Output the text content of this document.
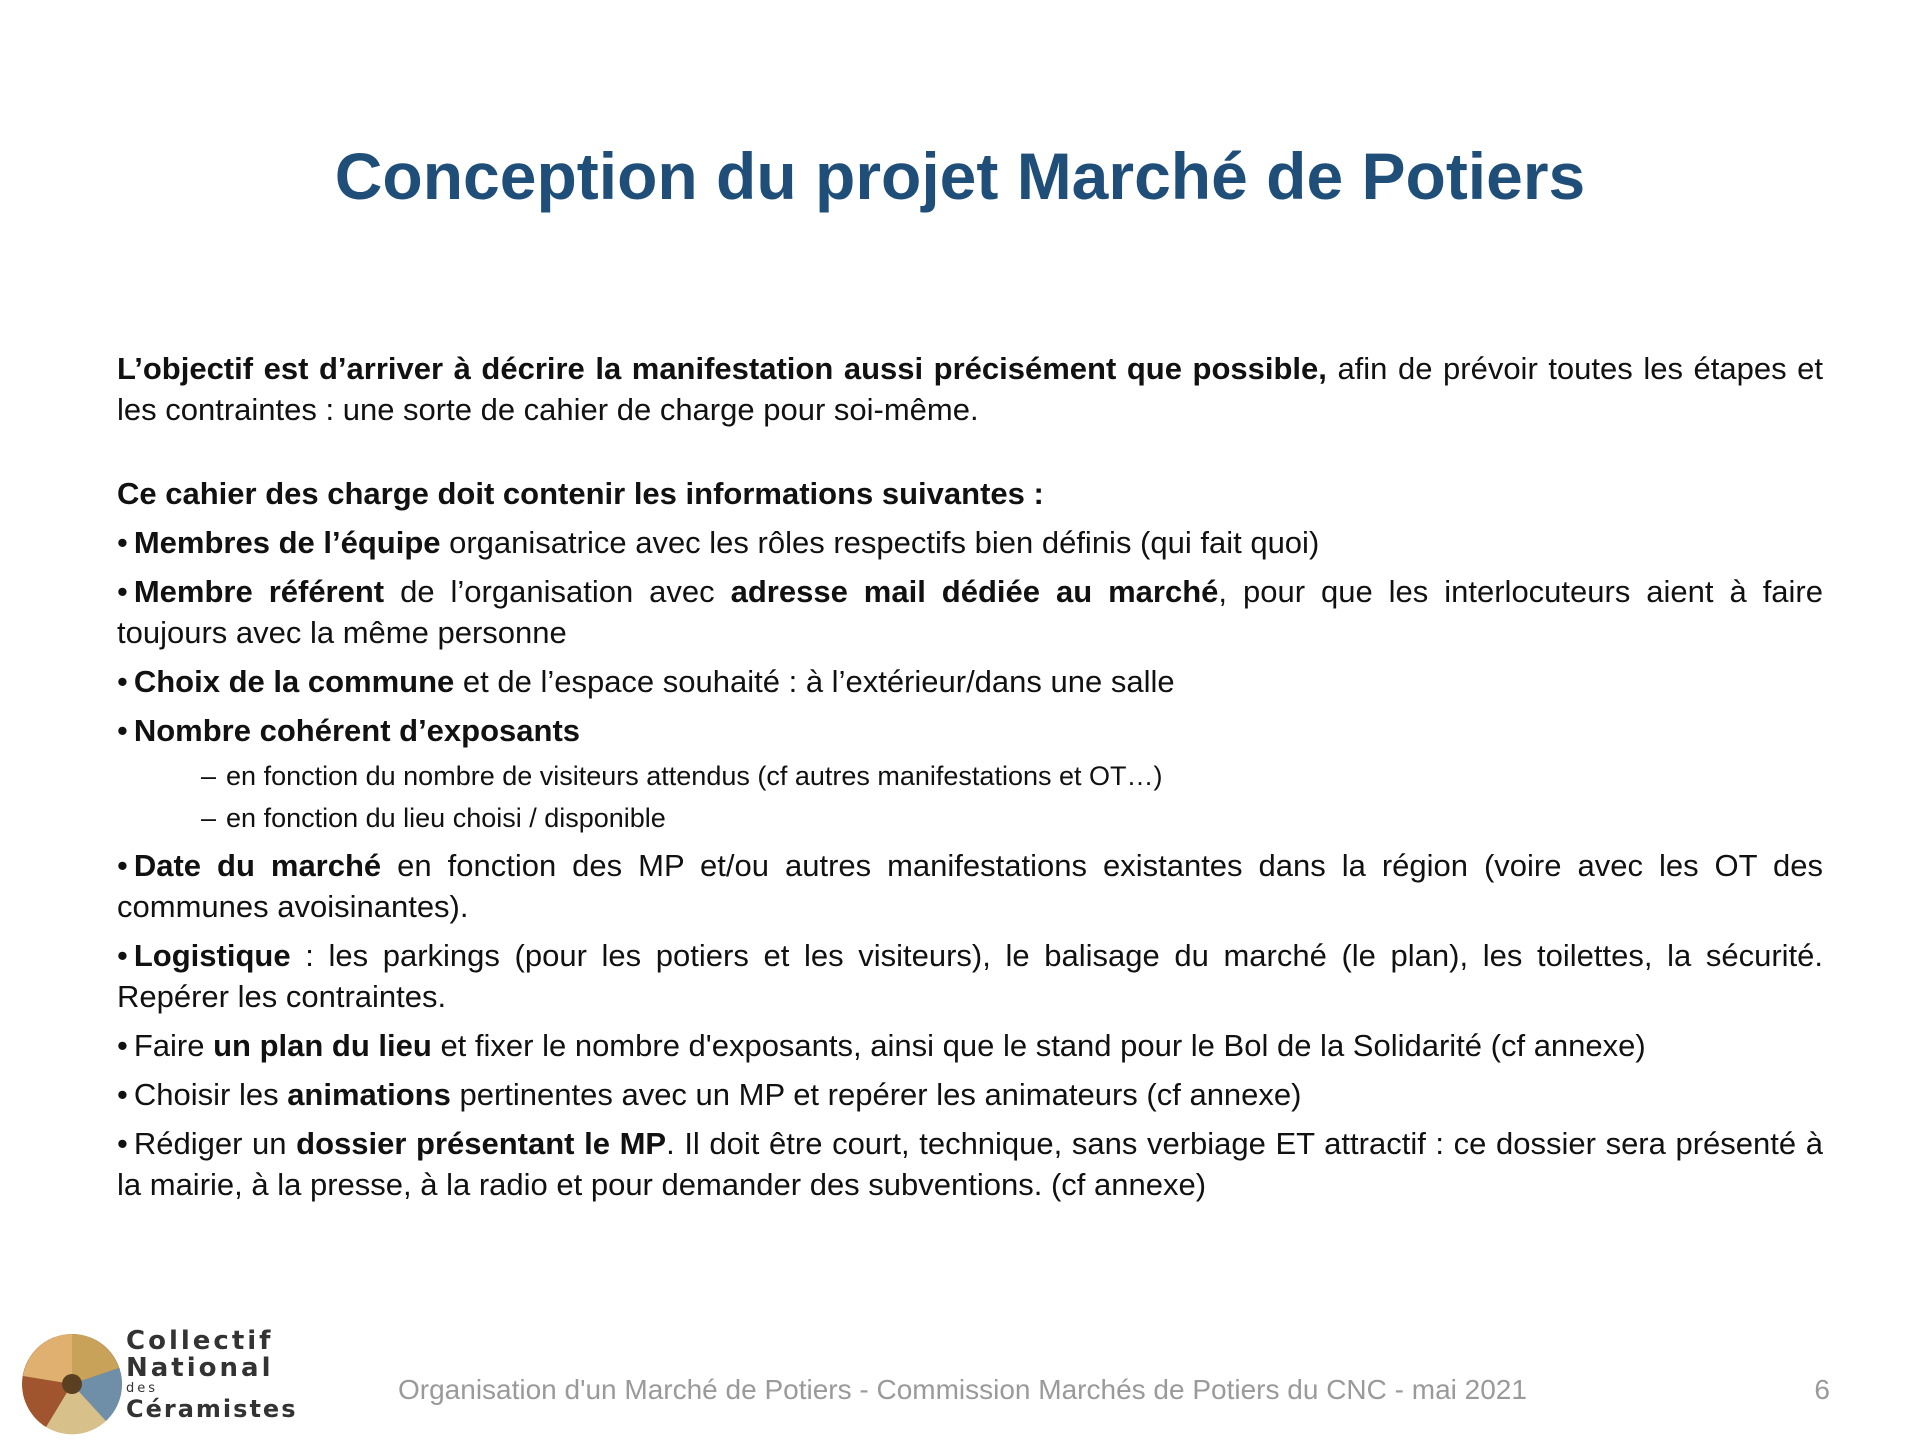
Conception du projet Marché de Potiers

L’objectif est d’arriver à décrire la manifestation aussi précisément que possible, afin de prévoir toutes les étapes et les contraintes : une sorte de cahier de charge pour soi-même.

Ce cahier des charge doit contenir les informations suivantes :

• Membres de l’équipe organisatrice avec les rôles respectifs bien définis (qui fait quoi)

• Membre référent de l’organisation avec adresse mail dédiée au marché, pour que les interlocuteurs aient à faire toujours avec la même personne

• Choix de la commune et de l’espace souhaité : à l’extérieur/dans une salle

• Nombre cohérent d’exposants

– en fonction du nombre de visiteurs attendus (cf autres manifestations et OT…)

– en fonction du lieu choisi / disponible

• Date du marché en fonction des MP et/ou autres manifestations existantes dans la région (voire avec les OT des communes avoisinantes).

• Logistique : les parkings (pour les potiers et les visiteurs), le balisage du marché (le plan), les toilettes, la sécurité. Repérer les contraintes.

• Faire un plan du lieu et fixer le nombre d'exposants, ainsi que le stand pour le Bol de la Solidarité (cf annexe)

• Choisir les animations pertinentes avec un MP et repérer les animateurs (cf annexe)

• Rédiger un dossier présentant le MP. Il doit être court, technique, sans verbiage ET attractif : ce dossier sera présenté à la mairie, à la presse, à la radio et pour demander des subventions. (cf annexe)

Collectif
National
des
Céramistes
Organisation d'un Marché de Potiers - Commission Marchés de Potiers du CNC - mai 2021	6
